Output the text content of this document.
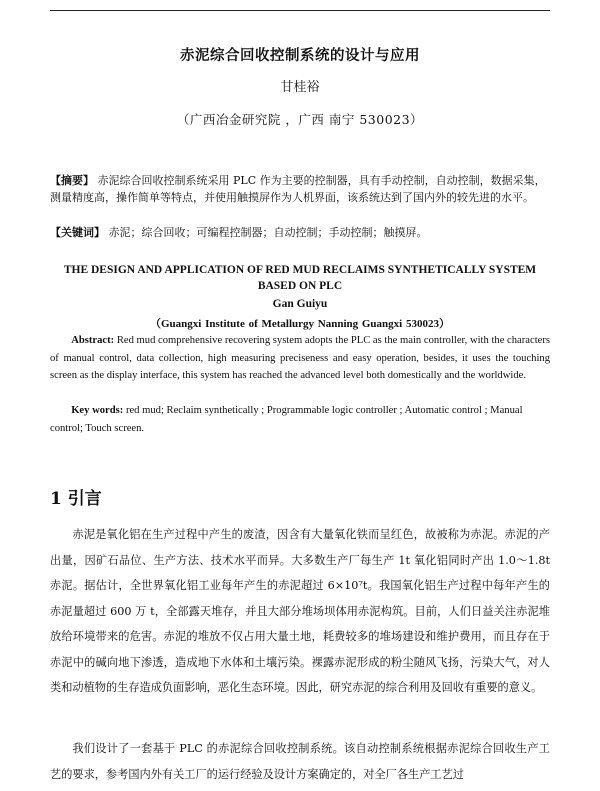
赤泥综合回收控制系统的设计与应用
甘桂裕
（广西冶金研究院 ，广西 南宁 530023）
【摘要】 赤泥综合回收控制系统采用 PLC 作为主要的控制器，具有手动控制，自动控制，数据采集，测量精度高，操作简单等特点，并使用触摸屏作为人机界面，该系统达到了国内外的较先进的水平。
【关键词】 赤泥；综合回收；可编程控制器；自动控制；手动控制；触摸屏。
THE DESIGN AND APPLICATION OF RED MUD RECLAIMS SYNTHETICALLY SYSTEM BASED ON PLC
Gan Guiyu
（Guangxi Institute of Metallurgy Nanning Guangxi 530023）
Abstract: Red mud comprehensive recovering system adopts the PLC as the main controller, with the characters of manual control, data collection, high measuring preciseness and easy operation, besides, it uses the touching screen as the display interface, this system has reached the advanced level both domestically and the worldwide.
Key words: red mud; Reclaim synthetically ; Programmable logic controller ; Automatic control ; Manual control; Touch screen.
1 引言
赤泥是氧化铝在生产过程中产生的废渣，因含有大量氧化铁而呈红色，故被称为赤泥。赤泥的产出量，因矿石品位、生产方法、技术水平而异。大多数生产厂每生产 1t 氧化铝同时产出 1.0～1.8t 赤泥。据估计，全世界氧化铝工业每年产生的赤泥超过 6×10⁷t。我国氧化铝生产过程中每年产生的赤泥量超过 600 万 t，全部露天堆存，并且大部分堆场坝体用赤泥构筑。目前，人们日益关注赤泥堆放给环境带来的危害。赤泥的堆放不仅占用大量土地，耗费较多的堆场建设和维护费用，而且存在于赤泥中的碱向地下渗透，造成地下水体和土壤污染。裸露赤泥形成的粉尘随风飞扬，污染大气，对人类和动植物的生存造成负面影响，恶化生态环境。因此，研究赤泥的综合利用及回收有重要的意义。
我们设计了一套基于 PLC 的赤泥综合回收控制系统。该自动控制系统根据赤泥综合回收生产工艺的要求，参考国内外有关工厂的运行经验及设计方案确定的，对全厂各生产工艺过
